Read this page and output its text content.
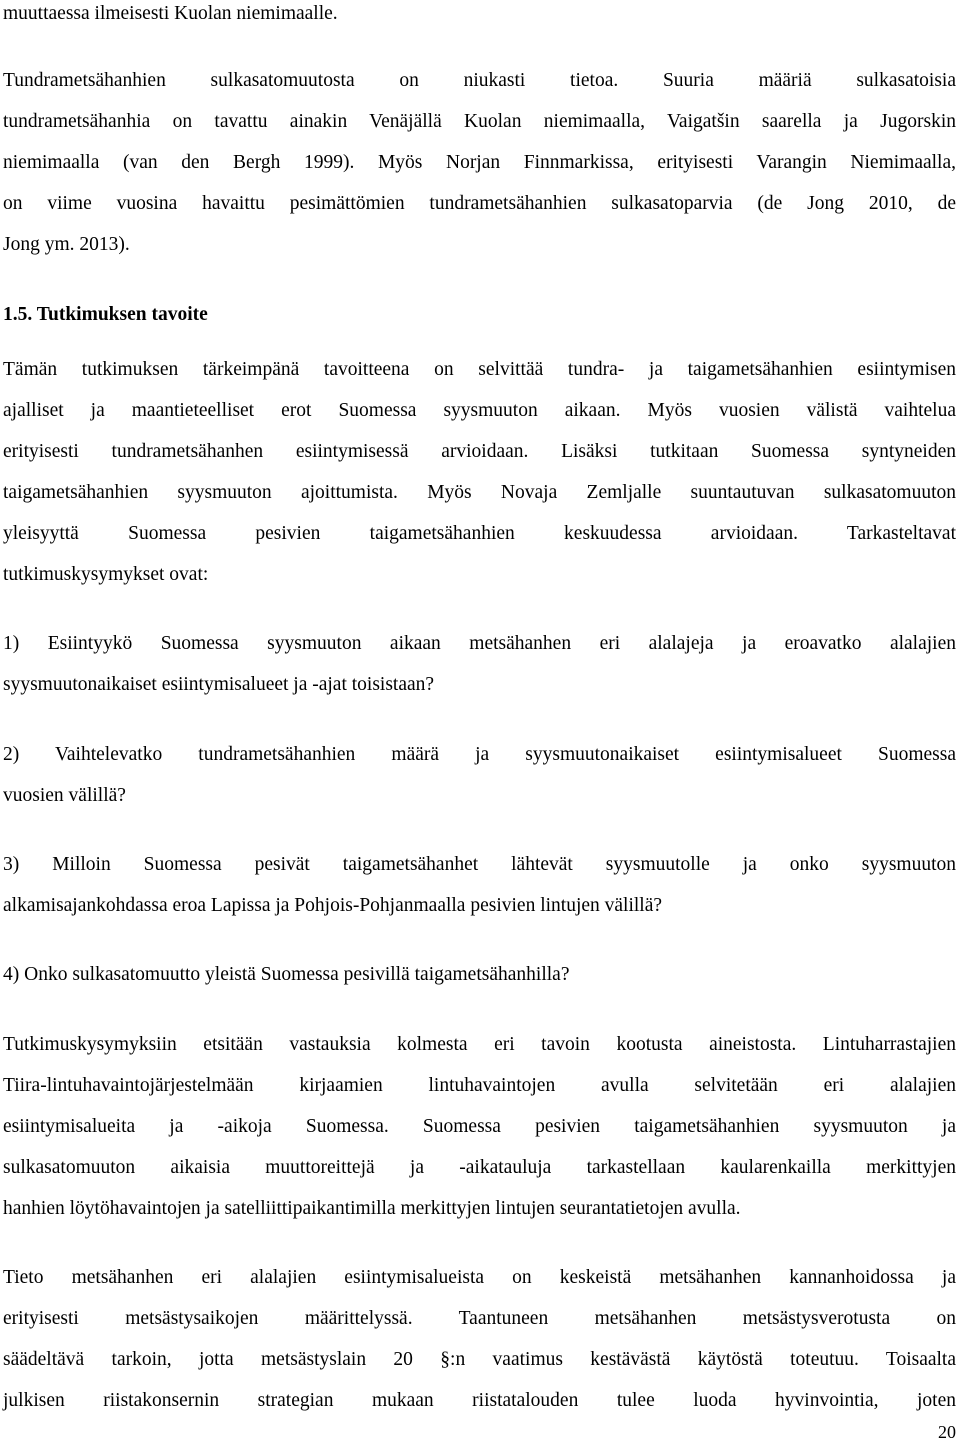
muuttaessa ilmeisesti Kuolan niemimaalle.
Tundrametsähanhien sulkasatomuutosta on niukasti tietoa. Suuria määriä sulkasatoisia
tundrametsähanhia on tavattu ainakin Venäjällä Kuolan niemimaalla, Vaigatšin saarella ja Jugorskin
niemimaalla (van den Bergh 1999). Myös Norjan Finnmarkissa, erityisesti Varangin Niemimaalla,
on viime vuosina havaittu pesimättömien tundrametsähanhien sulkasatoparvia (de Jong 2010, de
Jong ym. 2013).
1.5. Tutkimuksen tavoite
Tämän tutkimuksen tärkeimpänä tavoitteena on selvittää tundra- ja taigametsähanhien esiintymisen
ajalliset ja maantieteelliset erot Suomessa syysmuuton aikaan. Myös vuosien välistä vaihtelua
erityisesti tundrametsähanhen esiintymisessä arvioidaan. Lisäksi tutkitaan Suomessa syntyneiden
taigametsähanhien syysmuuton ajoittumista. Myös Novaja Zemljalle suuntautuvan sulkasatomuuton
yleisyyttä Suomessa pesivien taigametsähanhien keskuudessa arvioidaan. Tarkasteltavat
tutkimuskysymykset ovat:
1) Esiintyykö Suomessa syysmuuton aikaan metsähanhen eri alalajeja ja eroavatko alalajien
syysmuutonaikaiset esiintymisalueet ja -ajat toisistaan?
2) Vaihtelevatko tundrametsähanhien määrä ja syysmuutonaikaiset esiintymisalueet Suomessa
vuosien välillä?
3) Milloin Suomessa pesivät taigametsähanhet lähtevät syysmuutolle ja onko syysmuuton
alkamisajankohdassa eroa Lapissa ja Pohjois-Pohjanmaalla pesivien lintujen välillä?
4) Onko sulkasatomuutto yleistä Suomessa pesivillä taigametsähanhilla?
Tutkimuskysymyksiin etsitään vastauksia kolmesta eri tavoin kootusta aineistosta. Lintuharrastajien
Tiira-lintuhavaintojärjestelmään kirjaamien lintuhavaintojen avulla selvitetään eri alalajien
esiintymisalueita ja -aikoja Suomessa. Suomessa pesivien taigametsähanhien syysmuuton ja
sulkasatomuuton aikaisia muuttoreittejä ja -aikatauluja tarkastellaan kaularenkailla merkittyjen
hanhien löytöhavaintojen ja satelliittipaikantimilla merkittyjen lintujen seurantatietojen avulla.
Tieto metsähanhen eri alalajien esiintymisalueista on keskeistä metsähanhen kannanhoidossa ja
erityisesti metsästysaikojen määrittelyssä. Taantuneen metsähanhen metsästysverotusta on
säädeltävä tarkoin, jotta metsästyslain 20 §:n vaatimus kestävästä käytöstä toteutuu. Toisaalta
julkisen riistakonsernin strategian mukaan riistatalouden tulee luoda hyvinvointia, joten
20
